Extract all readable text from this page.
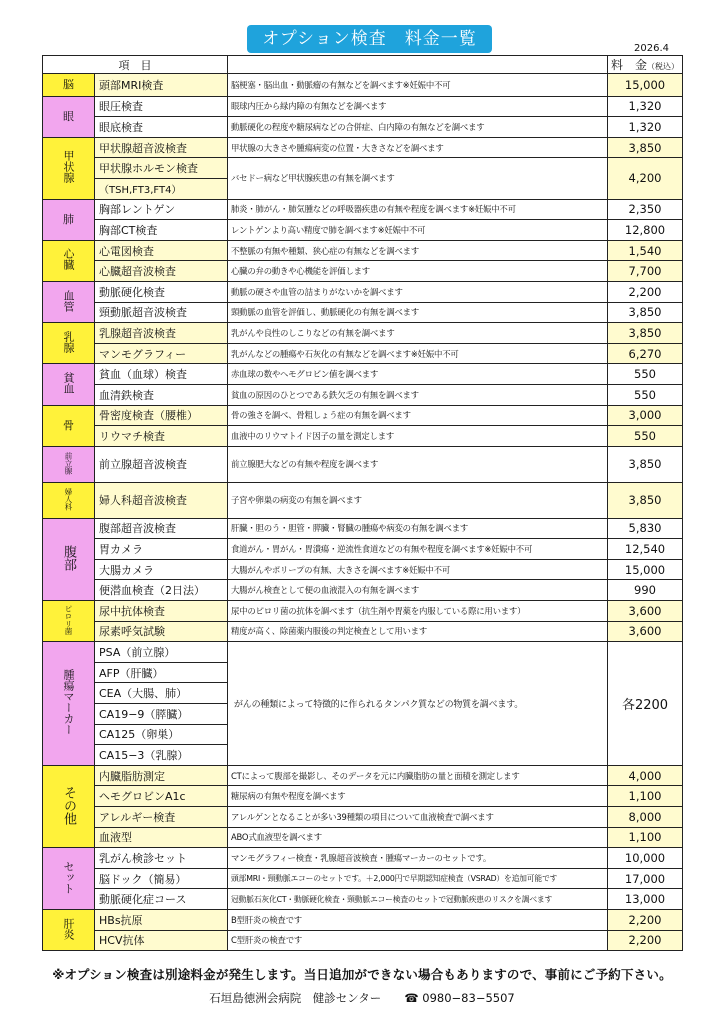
オプション検査　料金一覧	2026.4
項　目			料　金（税込）
脳	頭部MRI検査	脳梗塞・脳出血・動脈瘤の有無などを調べます※妊娠中不可	15,000
眼	眼圧検査	眼球内圧から緑内障の有無などを調べます	1,320
	眼底検査	動脈硬化の程度や糖尿病などの合併症、白内障の有無などを調べます	1,320
甲状腺	甲状腺超音波検査	甲状腺の大きさや腫瘍病変の位置・大きさなどを調べます	3,850
	甲状腺ホルモン検査	バセドー病など甲状腺疾患の有無を調べます	4,200
	（TSH,FT3,FT4）		
肺	胸部レントゲン	肺炎・肺がん・肺気腫などの呼吸器疾患の有無や程度を調べます※妊娠中不可	2,350
	胸部CT検査	レントゲンより高い精度で肺を調べます※妊娠中不可	12,800
心臓	心電図検査	不整脈の有無や種類、狭心症の有無などを調べます	1,540
	心臓超音波検査	心臓の弁の動きや心機能を評価します	7,700
血管	動脈硬化検査	動脈の硬さや血管の詰まりがないかを調べます	2,200
	頸動脈超音波検査	頸動脈の血管を評価し、動脈硬化の有無を調べます	3,850
乳腺	乳腺超音波検査	乳がんや良性のしこりなどの有無を調べます	3,850
	マンモグラフィー	乳がんなどの腫瘍や石灰化の有無などを調べます※妊娠中不可	6,270
貧血	貧血（血球）検査	赤血球の数やヘモグロビン値を調べます	550
	血清鉄検査	貧血の原因のひとつである鉄欠乏の有無を調べます	550
骨	骨密度検査（腰椎）	骨の強さを調べ、骨粗しょう症の有無を調べます	3,000
	リウマチ検査	血液中のリウマトイド因子の量を測定します	550
前立腺	前立腺超音波検査	前立腺肥大などの有無や程度を調べます	3,850
婦人科	婦人科超音波検査	子宮や卵巣の病変の有無を調べます	3,850
腹部	腹部超音波検査	肝臓・胆のう・胆管・膵臓・腎臓の腫瘍や病変の有無を調べます	5,830
	胃カメラ	食道がん・胃がん・胃潰瘍・逆流性食道などの有無や程度を調べます※妊娠中不可	12,540
	大腸カメラ	大腸がんやポリープの有無、大きさを調べます※妊娠中不可	15,000
	便潜血検査（2日法）	大腸がん検査として便の血液混入の有無を調べます	990
ピロリ菌	尿中抗体検査	尿中のピロリ菌の抗体を調べます（抗生剤や胃薬を内服している際に用います）	3,600
	尿素呼気試験	精度が高く、除菌薬内服後の判定検査として用います	3,600
腫瘍マーカー	PSA（前立腺）	がんの種類によって特徴的に作られるタンパク質などの物質を調べます。	各2200
	AFP（肝臓）		
	CEA（大腸、肺）		
	CA19−9（膵臓）		
	CA125（卵巣）		
	CA15−3（乳腺）		
その他	内臓脂肪測定	CTによって腹部を撮影し、そのデータを元に内臓脂肪の量と面積を測定します	4,000
	ヘモグロビンA1c	糖尿病の有無や程度を調べます	1,100
	アレルギー検査	アレルゲンとなることが多い39種類の項目について血液検査で調べます	8,000
	血液型	ABO式血液型を調べます	1,100
セット	乳がん検診セット	マンモグラフィー検査・乳腺超音波検査・腫瘍マーカーのセットです。	10,000
	脳ドック（簡易）	頭部MRI・頸動脈エコーのセットです。＋2,000円で早期認知症検査（VSRAD）を追加可能です	17,000
	動脈硬化症コース	冠動脈石灰化CT・動脈硬化検査・頸動脈エコー検査のセットで冠動脈疾患のリスクを調べます	13,000
肝炎	HBs抗原	B型肝炎の検査です	2,200
	HCV抗体	C型肝炎の検査です	2,200
※オプション検査は別途料金が発生します。当日追加ができない場合もありますので、事前にご予約下さい。
石垣島徳洲会病院　健診センター　　☎ 0980−83−5507
